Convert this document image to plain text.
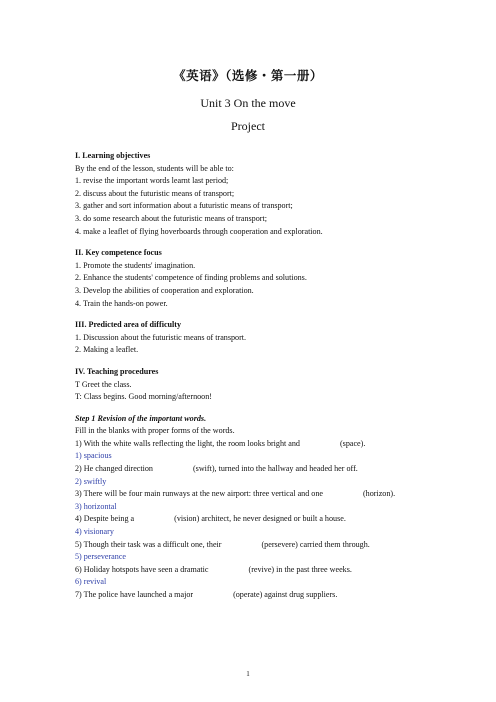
《英语》（选修・第一册）
Unit 3 On the move
Project
I. Learning objectives
By the end of the lesson, students will be able to:
1. revise the important words learnt last period;
2. discuss about the futuristic means of transport;
3. gather and sort information about a futuristic means of transport;
3. do some research about the futuristic means of transport;
4. make a leaflet of flying hoverboards through cooperation and exploration.
II. Key competence focus
1. Promote the students' imagination.
2. Enhance the students' competence of finding problems and solutions.
3. Develop the abilities of cooperation and exploration.
4. Train the hands-on power.
III. Predicted area of difficulty
1. Discussion about the futuristic means of transport.
2. Making a leaflet.
IV. Teaching procedures
T Greet the class.
T: Class begins. Good morning/afternoon!
Step 1 Revision of the important words.
Fill in the blanks with proper forms of the words.
1) With the white walls reflecting the light, the room looks bright and	(space).
1) spacious
2) He changed direction	(swift), turned into the hallway and headed her off.
2) swiftly
3) There will be four main runways at the new airport: three vertical and one	(horizon).
3) horizontal
4) Despite being a	(vision) architect, he never designed or built a house.
4) visionary
5) Though their task was a difficult one, their	(persevere) carried them through.
5) perseverance
6) Holiday hotspots have seen a dramatic	(revive) in the past three weeks.
6) revival
7) The police have launched a major	(operate) against drug suppliers.
1
